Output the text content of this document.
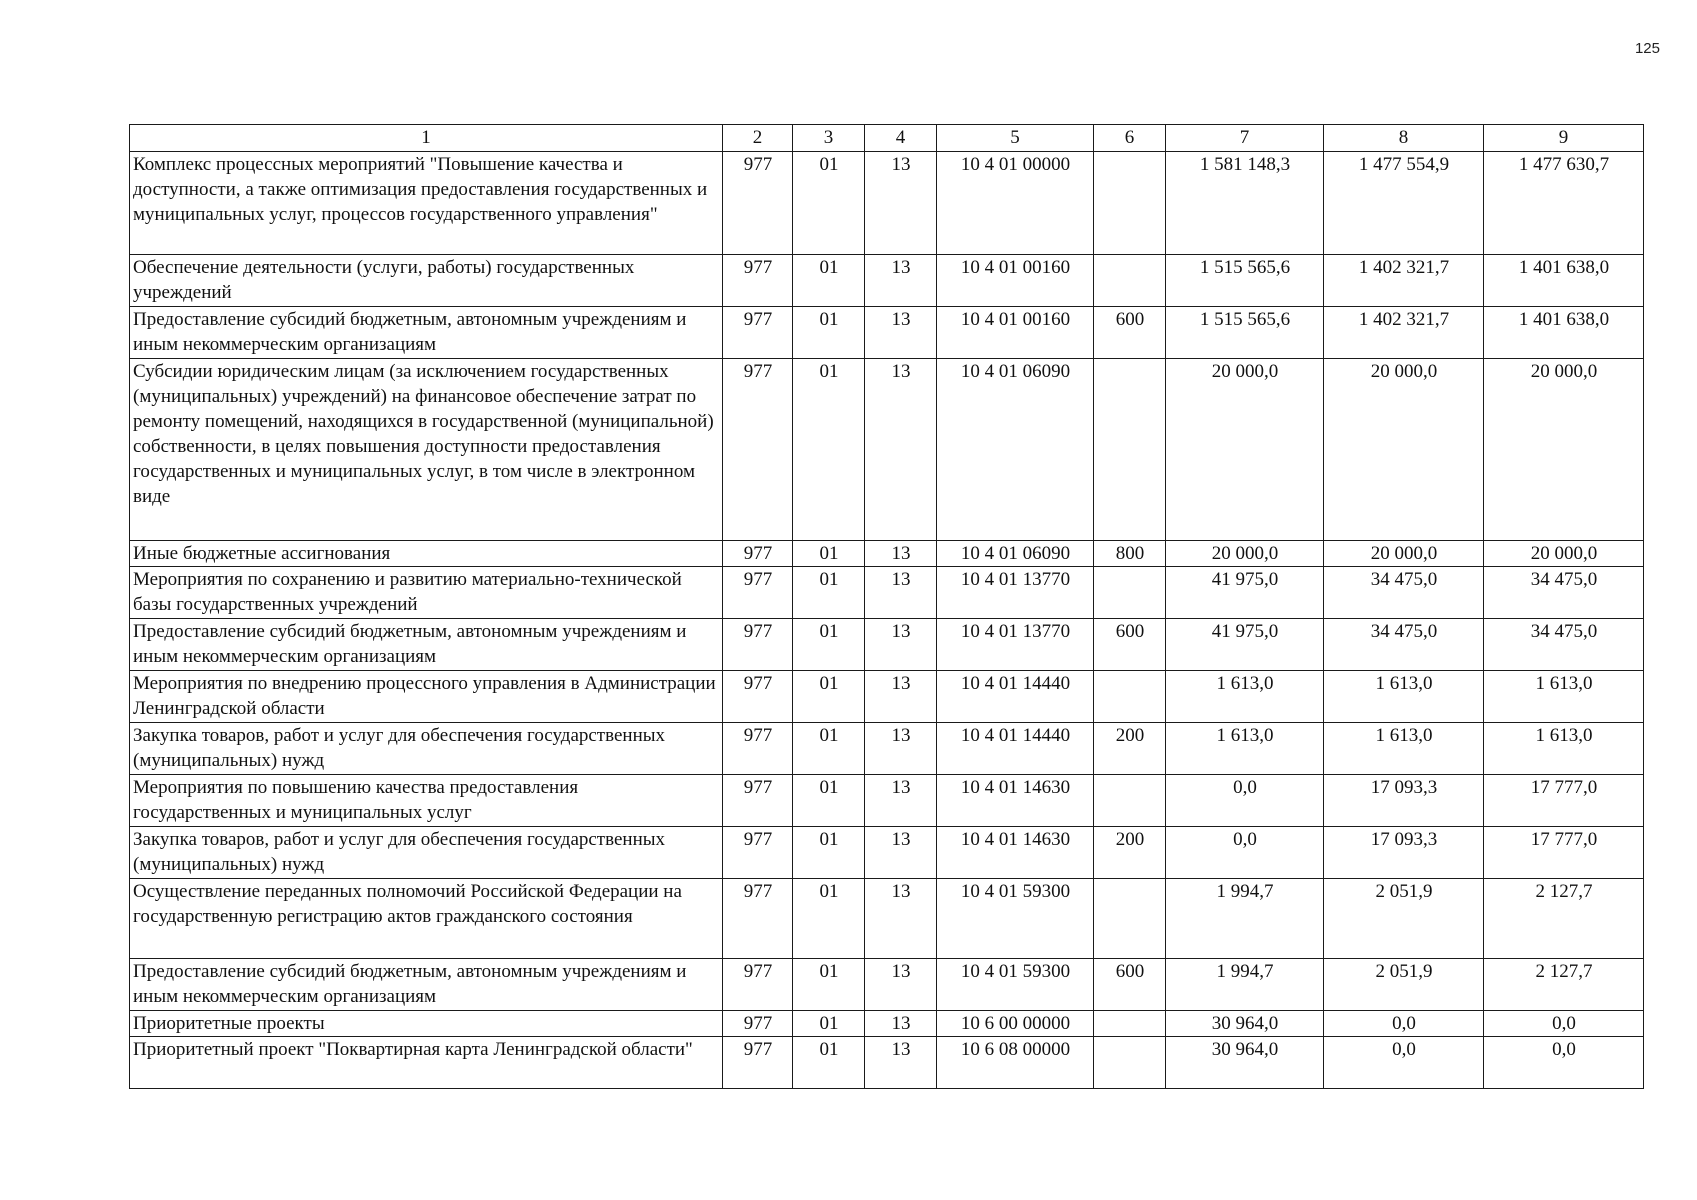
125
1	2	3	4	5	6	7	8	9
Комплекс процессных мероприятий "Повышение качества и доступности, а также оптимизация предоставления государственных и муниципальных услуг, процессов государственного управления"	977	01	13	10 4 01 00000		1 581 148,3	1 477 554,9	1 477 630,7
Обеспечение деятельности (услуги, работы) государственных учреждений	977	01	13	10 4 01 00160		1 515 565,6	1 402 321,7	1 401 638,0
Предоставление субсидий бюджетным, автономным учреждениям и иным некоммерческим организациям	977	01	13	10 4 01 00160	600	1 515 565,6	1 402 321,7	1 401 638,0
Субсидии юридическим лицам (за исключением государственных (муниципальных) учреждений) на финансовое обеспечение затрат по ремонту помещений, находящихся в государственной (муниципальной) собственности, в целях повышения доступности предоставления государственных и муниципальных услуг, в том числе в электронном виде	977	01	13	10 4 01 06090		20 000,0	20 000,0	20 000,0
Иные бюджетные ассигнования	977	01	13	10 4 01 06090	800	20 000,0	20 000,0	20 000,0
Мероприятия по сохранению и развитию материально-технической базы государственных учреждений	977	01	13	10 4 01 13770		41 975,0	34 475,0	34 475,0
Предоставление субсидий бюджетным, автономным учреждениям и иным некоммерческим организациям	977	01	13	10 4 01 13770	600	41 975,0	34 475,0	34 475,0
Мероприятия по внедрению процессного управления в Администрации Ленинградской области	977	01	13	10 4 01 14440		1 613,0	1 613,0	1 613,0
Закупка товаров, работ и услуг для обеспечения государственных (муниципальных) нужд	977	01	13	10 4 01 14440	200	1 613,0	1 613,0	1 613,0
Мероприятия по повышению качества предоставления государственных и муниципальных услуг	977	01	13	10 4 01 14630		0,0	17 093,3	17 777,0
Закупка товаров, работ и услуг для обеспечения государственных (муниципальных) нужд	977	01	13	10 4 01 14630	200	0,0	17 093,3	17 777,0
Осуществление переданных полномочий Российской Федерации на государственную регистрацию актов гражданского состояния	977	01	13	10 4 01 59300		1 994,7	2 051,9	2 127,7
Предоставление субсидий бюджетным, автономным учреждениям и иным некоммерческим организациям	977	01	13	10 4 01 59300	600	1 994,7	2 051,9	2 127,7
Приоритетные проекты	977	01	13	10 6 00 00000		30 964,0	0,0	0,0
Приоритетный проект "Поквартирная карта Ленинградской области"	977	01	13	10 6 08 00000		30 964,0	0,0	0,0
